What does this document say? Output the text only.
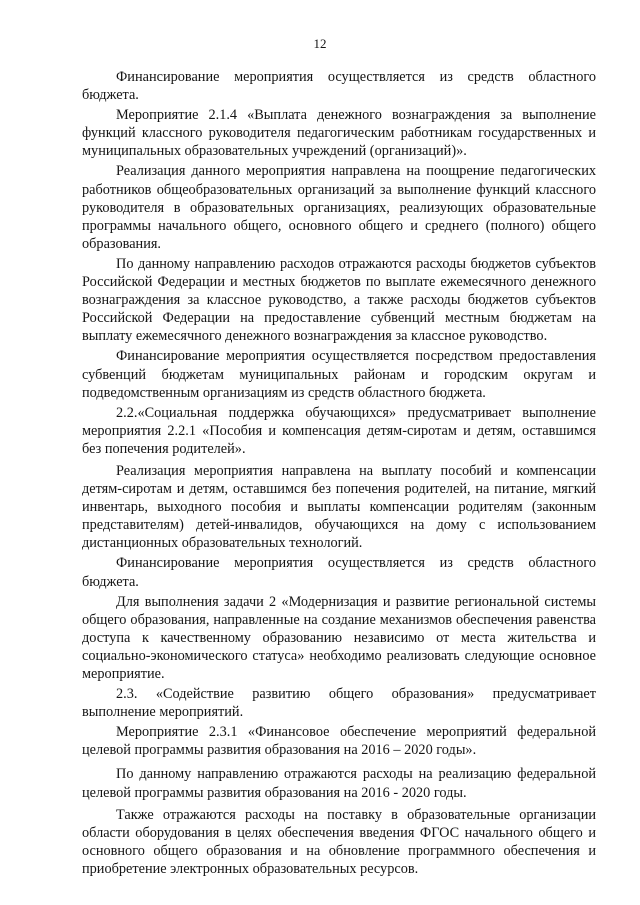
12

Финансирование мероприятия осуществляется из средств областного бюджета.

Мероприятие 2.1.4 «Выплата денежного вознаграждения за выполнение функций классного руководителя педагогическим работникам государственных и муниципальных образовательных учреждений (организаций)».

Реализация данного мероприятия направлена на поощрение педагогических работников общеобразовательных организаций за выполнение функций классного руководителя в образовательных организациях, реализующих образовательные программы начального общего, основного общего и среднего (полного) общего образования.

По данному направлению расходов отражаются расходы бюджетов субъектов Российской Федерации и местных бюджетов по выплате ежемесячного денежного вознаграждения за классное руководство, а также расходы бюджетов субъектов Российской Федерации на предоставление субвенций местным бюджетам на выплату ежемесячного денежного вознаграждения за классное руководство.

Финансирование мероприятия осуществляется посредством предоставления субвенций бюджетам муниципальных районам и городским округам и подведомственным организациям из средств областного бюджета.

2.2.«Социальная поддержка обучающихся» предусматривает выполнение мероприятия 2.2.1 «Пособия и компенсация детям-сиротам и детям, оставшимся без попечения родителей».

Реализация мероприятия направлена на выплату пособий и компенсации детям-сиротам и детям, оставшимся без попечения родителей, на питание, мягкий инвентарь, выходного пособия и выплаты компенсации родителям (законным представителям) детей-инвалидов, обучающихся на дому с использованием дистанционных образовательных технологий.

Финансирование мероприятия осуществляется из средств областного бюджета.

Для выполнения задачи 2 «Модернизация и развитие региональной системы общего образования, направленные на создание механизмов обеспечения равенства доступа к качественному образованию независимо от места жительства и социально-экономического статуса» необходимо реализовать следующие основное мероприятие.

2.3. «Содействие развитию общего образования» предусматривает выполнение мероприятий.

Мероприятие 2.3.1 «Финансовое обеспечение мероприятий федеральной целевой программы развития образования на 2016 – 2020 годы».

По данному направлению отражаются расходы на реализацию федеральной целевой программы развития образования на 2016 - 2020 годы.

Также отражаются расходы на поставку в образовательные организации области оборудования в целях обеспечения введения ФГОС начального общего и основного общего образования и на обновление программного обеспечения и приобретение электронных образовательных ресурсов.
